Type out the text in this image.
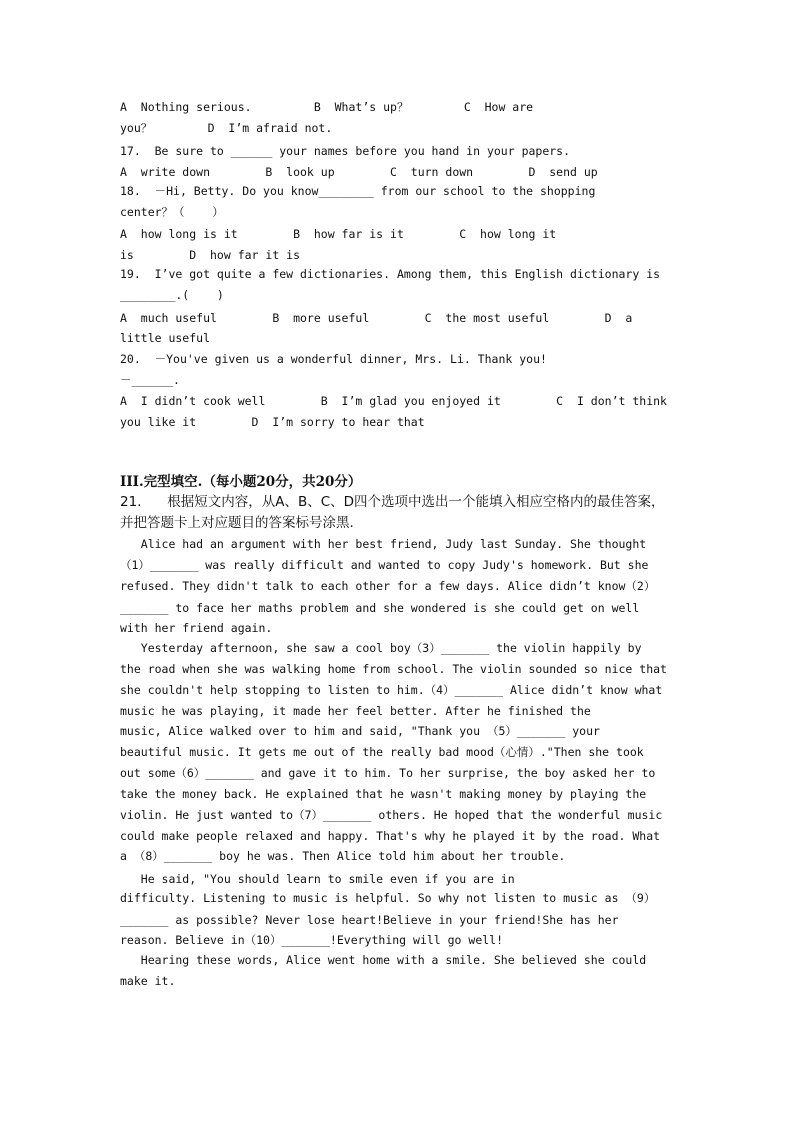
A  Nothing serious.         B  What’s up？        C  How are
you？        D  I’m afraid not.
17.  Be sure to ______ your names before you hand in your papers.
A  write down        B  look up        C  turn down        D  send up
18.  －Hi, Betty. Do you know________ from our school to the shopping
center？（    ）
A  how long is it        B  how far is it        C  how long it
is        D  how far it is
19.  I’ve got quite a few dictionaries. Among them, this English dictionary is
________.(    )
A  much useful        B  more useful        C  the most useful        D  a
little useful
20.  －You've given us a wonderful dinner, Mrs. Li. Thank you!
－______.
A  I didn’t cook well        B  I’m glad you enjoyed it        C  I don’t think
you like it        D  I’m sorry to hear that
III.完型填空.（每小题20分，共20分）
21.      根据短文内容，从A、B、C、D四个选项中选出一个能填入相应空格内的最佳答案，
并把答题卡上对应题目的答案标号涂黑.
Alice had an argument with her best friend, Judy last Sunday. She thought
（1）_______ was really difficult and wanted to copy Judy's homework. But she
refused. They didn't talk to each other for a few days. Alice didn’t know（2）
_______ to face her maths problem and she wondered is she could get on well
with her friend again.
Yesterday afternoon, she saw a cool boy（3）_______ the violin happily by
the road when she was walking home from school. The violin sounded so nice that
she couldn't help stopping to listen to him.（4）_______ Alice didn’t know what
music he was playing, it made her feel better. After he finished the
music, Alice walked over to him and said, "Thank you （5）_______ your
beautiful music. It gets me out of the really bad mood（心情）."Then she took
out some（6）_______ and gave it to him. To her surprise, the boy asked her to
take the money back. He explained that he wasn't making money by playing the
violin. He just wanted to（7）_______ others. He hoped that the wonderful music
could make people relaxed and happy. That's why he played it by the road. What
a （8）_______ boy he was. Then Alice told him about her trouble.
He said, "You should learn to smile even if you are in
difficulty. Listening to music is helpful. So why not listen to music as （9）
_______ as possible? Never lose heart!Believe in your friend!She has her
reason. Believe in（10）_______!Everything will go well!
Hearing these words, Alice went home with a smile. She believed she could
make it.
